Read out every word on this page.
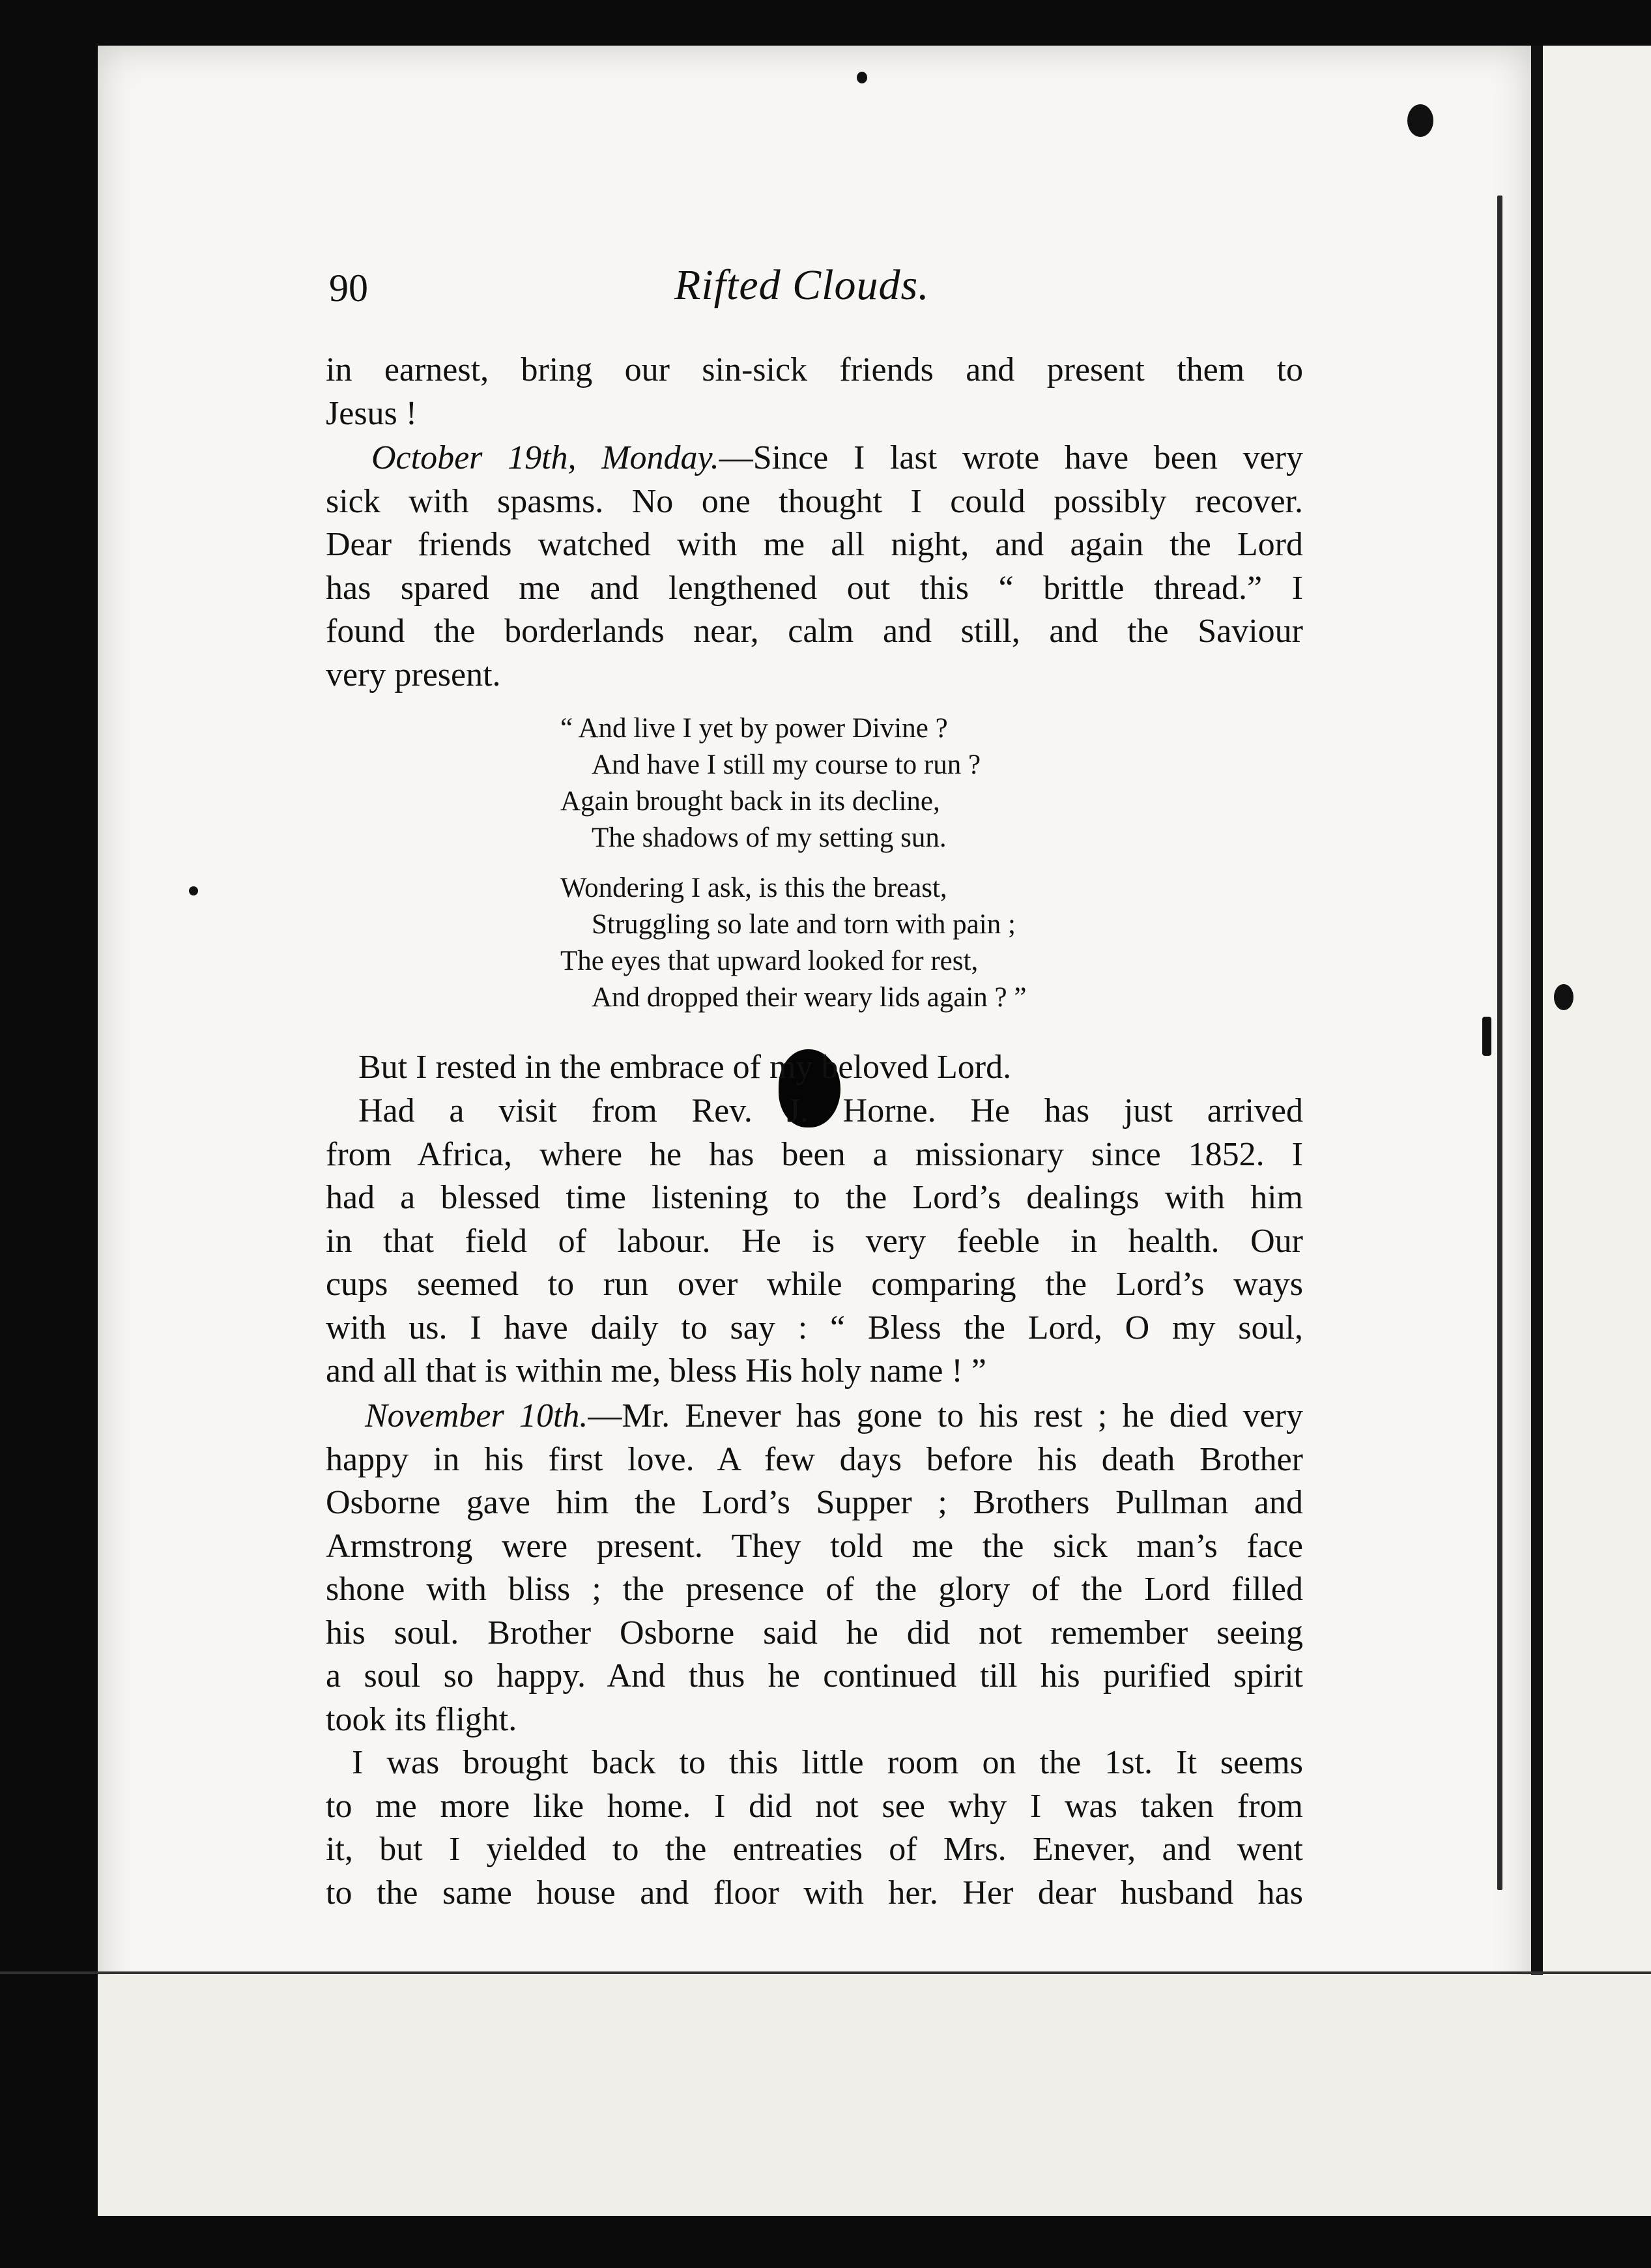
90	Rifted Clouds.
in earnest, bring our sin-sick friends and present them to
Jesus !
October 19th, Monday.—Since I last wrote have been very
sick with spasms. No one thought I could possibly recover.
Dear friends watched with me all night, and again the Lord
has spared me and lengthened out this “ brittle thread.” I
found the borderlands near, calm and still, and the Saviour
very present.
“ And live I yet by power Divine ?
And have I still my course to run ?
Again brought back in its decline,
The shadows of my setting sun.
Wondering I ask, is this the breast,
Struggling so late and torn with pain ;
The eyes that upward looked for rest,
And dropped their weary lids again ? ”
But I rested in the embrace of my beloved Lord.
Had a visit from Rev. J. Horne. He has just arrived
from Africa, where he has been a missionary since 1852. I
had a blessed time listening to the Lord’s dealings with him
in that field of labour. He is very feeble in health. Our
cups seemed to run over while comparing the Lord’s ways
with us. I have daily to say : “ Bless the Lord, O my soul,
and all that is within me, bless His holy name ! ”
November 10th.—Mr. Enever has gone to his rest ; he died very
happy in his first love. A few days before his death Brother
Osborne gave him the Lord’s Supper ; Brothers Pullman and
Armstrong were present. They told me the sick man’s face
shone with bliss ; the presence of the glory of the Lord filled
his soul. Brother Osborne said he did not remember seeing
a soul so happy. And thus he continued till his purified spirit
took its flight.
I was brought back to this little room on the 1st. It seems
to me more like home. I did not see why I was taken from
it, but I yielded to the entreaties of Mrs. Enever, and went
to the same house and floor with her. Her dear husband has
